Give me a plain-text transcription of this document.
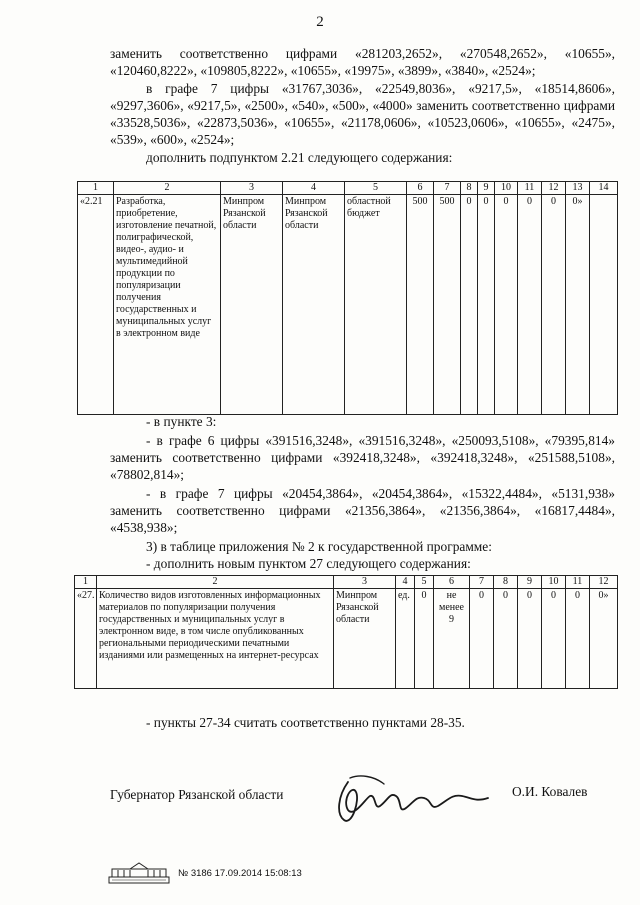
2

заменить соответственно цифрами «281203,2652», «270548,2652», «10655», «120460,8222», «109805,8222», «10655», «19975», «3899», «3840», «2524»;

в графе 7 цифры «31767,3036», «22549,8036», «9217,5», «18514,8606», «9297,3606», «9217,5», «2500», «540», «500», «4000» заменить соответственно цифрами «33528,5036», «22873,5036», «10655», «21178,0606», «10523,0606», «10655», «2475», «539», «600», «2524»;

дополнить подпунктом 2.21 следующего содержания:

1	2	3	4	5	6	7	8	9	10	11	12	13	14
«2.21	Разработка, приобретение, изготовление печатной, полиграфической, видео-, аудио- и мультимедийной продукции по популяризации получения государственных и муниципальных услуг в электронном виде	Минпром Рязанской области	Минпром Рязанской области	областной бюджет	500	500	0	0	0	0	0	0»	

- в пункте 3:

- в графе 6 цифры «391516,3248», «391516,3248», «250093,5108», «79395,814» заменить соответственно цифрами «392418,3248», «392418,3248», «251588,5108», «78802,814»;

- в графе 7 цифры «20454,3864», «20454,3864», «15322,4484», «5131,938» заменить соответственно цифрами «21356,3864», «21356,3864», «16817,4484», «4538,938»;

3) в таблице приложения № 2 к государственной программе:

- дополнить новым пунктом 27 следующего содержания:

1	2	3	4	5	6	7	8	9	10	11	12
«27.	Количество видов изготовленных информационных материалов по популяризации получения государственных и муниципальных услуг в электронном виде, в том числе опубликованных региональными периодическими печатными изданиями или размещенных на интернет-ресурсах	Минпром Рязанской области	ед.	0	не менее 9	0	0	0	0	0	0»

- пункты 27-34 считать соответственно пунктами 28-35.

Губернатор Рязанской области	О.И. Ковалев
№ 3186 17.09.2014 15:08:13
